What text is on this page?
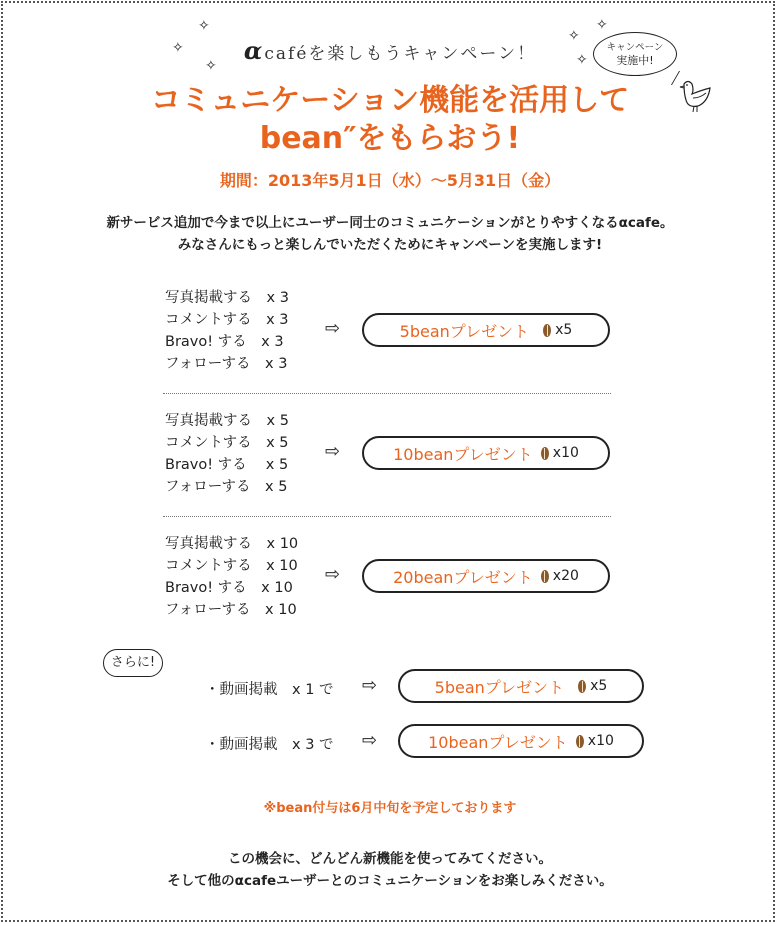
✧
✧
✧
✧
✧
✧
αcaféを楽しもうキャンペーン！	キャンペーン
実施中!
コミュニケーション機能を活用して
bean″をもらおう!
期間：2013年5月1日（水）～5月31日（金）
新サービス追加で今まで以上にユーザー同士のコミュニケーションがとりやすくなるαcafe。
みなさんにもっと楽しんでいただくためにキャンペーンを実施します!
写真掲載する　x 3
コメントする　x 3
Bravo! する　x 3
フォローする　x 3
⇨	5beanプレゼント x5
写真掲載する　x 5
コメントする　x 5
Bravo! する　 x 5
フォローする　x 5
⇨	10beanプレゼント x10
写真掲載する　x 10
コメントする　x 10
Bravo! する　x 10
フォローする　x 10
⇨	20beanプレゼント x20
さらに!
・動画掲載　x 1 で ⇨	5beanプレゼント x5
・動画掲載　x 3 で ⇨	10beanプレゼント x10
※bean付与は6月中旬を予定しております
この機会に、どんどん新機能を使ってみてください。
そして他のαcafeユーザーとのコミュニケーションをお楽しみください。
